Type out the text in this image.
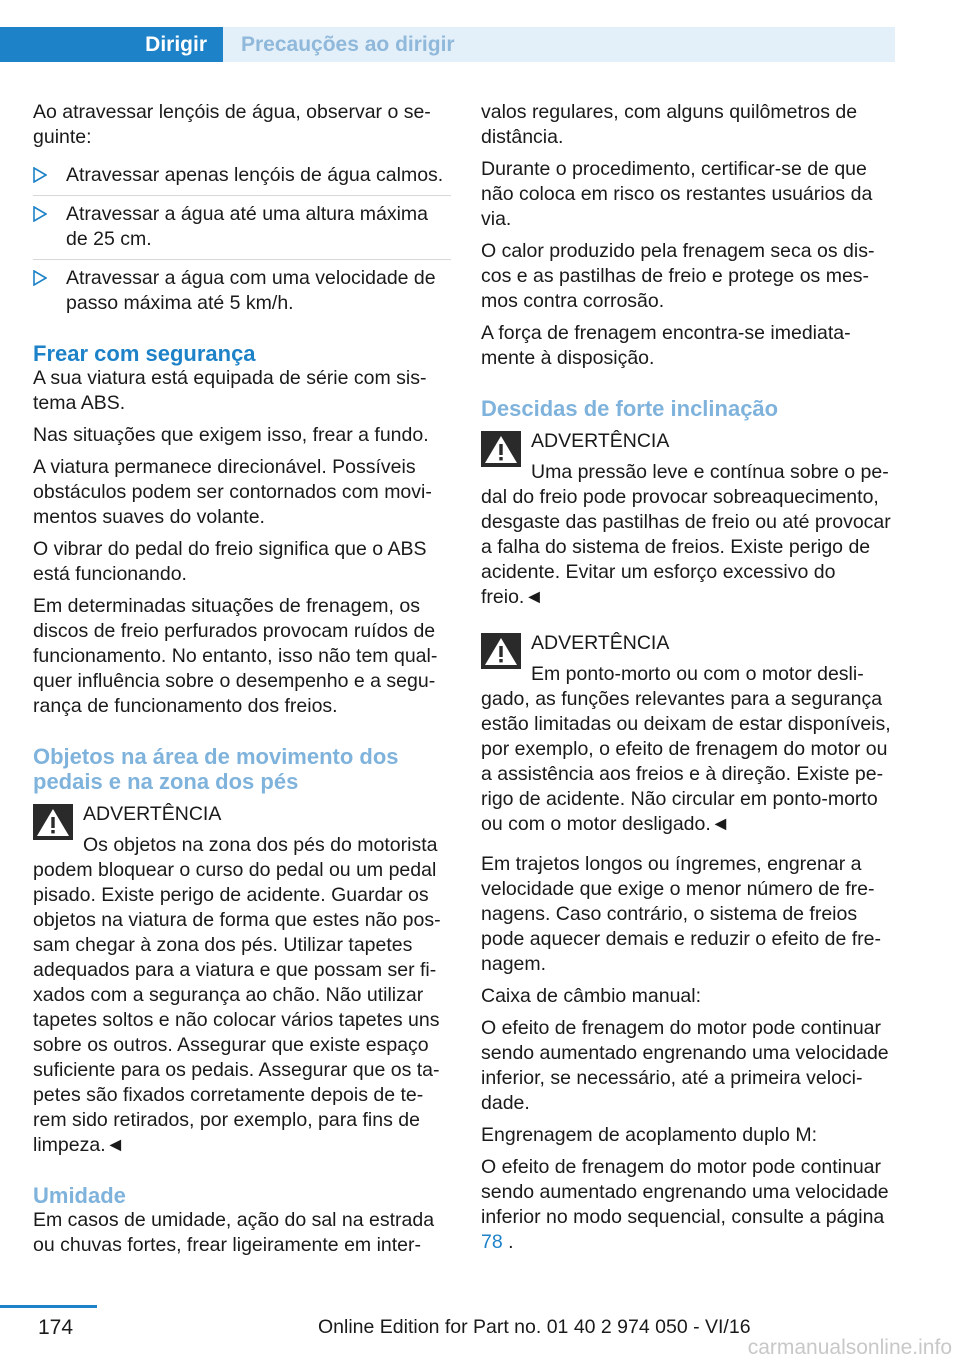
Dirigir Precauções ao dirigir

Ao atravessar lençóis de água, observar o se-guinte:

Atravessar apenas lençóis de água calmos.
Atravessar a água até uma altura máxima de 25 cm.
Atravessar a água com uma velocidade de passo máxima até 5 km/h.
Frear com segurança

A sua viatura está equipada de série com sis-tema ABS.

Nas situações que exigem isso, frear a fundo.

A viatura permanece direcionável. Possíveis obstáculos podem ser contornados com movi-mentos suaves do volante.

O vibrar do pedal do freio significa que o ABS está funcionando.

Em determinadas situações de frenagem, os discos de freio perfurados provocam ruídos de funcionamento. No entanto, isso não tem qual-quer influência sobre o desempenho e a segu-rança de funcionamento dos freios.

Objetos na área de movimento dos pedais e na zona dos pés

ADVERTÊNCIA

Os objetos na zona dos pés do motorista podem bloquear o curso do pedal ou um pedal pisado. Existe perigo de acidente. Guardar os objetos na viatura de forma que estes não pos-sam chegar à zona dos pés. Utilizar tapetes adequados para a viatura e que possam ser fi-xados com a segurança ao chão. Não utilizar tapetes soltos e não colocar vários tapetes uns sobre os outros. Assegurar que existe espaço suficiente para os pedais. Assegurar que os ta-petes são fixados corretamente depois de te-rem sido retirados, por exemplo, para fins de limpeza.◄

Umidade

Em casos de umidade, ação do sal na estrada ou chuvas fortes, frear ligeiramente em inter-

valos regulares, com alguns quilômetros de distância.

Durante o procedimento, certificar-se de que não coloca em risco os restantes usuários da via.

O calor produzido pela frenagem seca os dis-cos e as pastilhas de freio e protege os mes-mos contra corrosão.

A força de frenagem encontra-se imediata-mente à disposição.

Descidas de forte inclinação

ADVERTÊNCIA

Uma pressão leve e contínua sobre o pe-dal do freio pode provocar sobreaquecimento, desgaste das pastilhas de freio ou até provocar a falha do sistema de freios. Existe perigo de acidente. Evitar um esforço excessivo do freio.◄

ADVERTÊNCIA

Em ponto-morto ou com o motor desli-gado, as funções relevantes para a segurança estão limitadas ou deixam de estar disponíveis, por exemplo, o efeito de frenagem do motor ou a assistência aos freios e à direção. Existe pe-rigo de acidente. Não circular em ponto-morto ou com o motor desligado.◄

Em trajetos longos ou íngremes, engrenar a velocidade que exige o menor número de fre-nagens. Caso contrário, o sistema de freios pode aquecer demais e reduzir o efeito de fre-nagem.

Caixa de câmbio manual:

O efeito de frenagem do motor pode continuar sendo aumentado engrenando uma velocidade inferior, se necessário, até a primeira veloci-dade.

Engrenagem de acoplamento duplo M:

O efeito de frenagem do motor pode continuar sendo aumentado engrenando uma velocidade inferior no modo sequencial, consulte a página 78 .

174	Online Edition for Part no. 01 40 2 974 050 - VI/16
carmanualsonline.info
